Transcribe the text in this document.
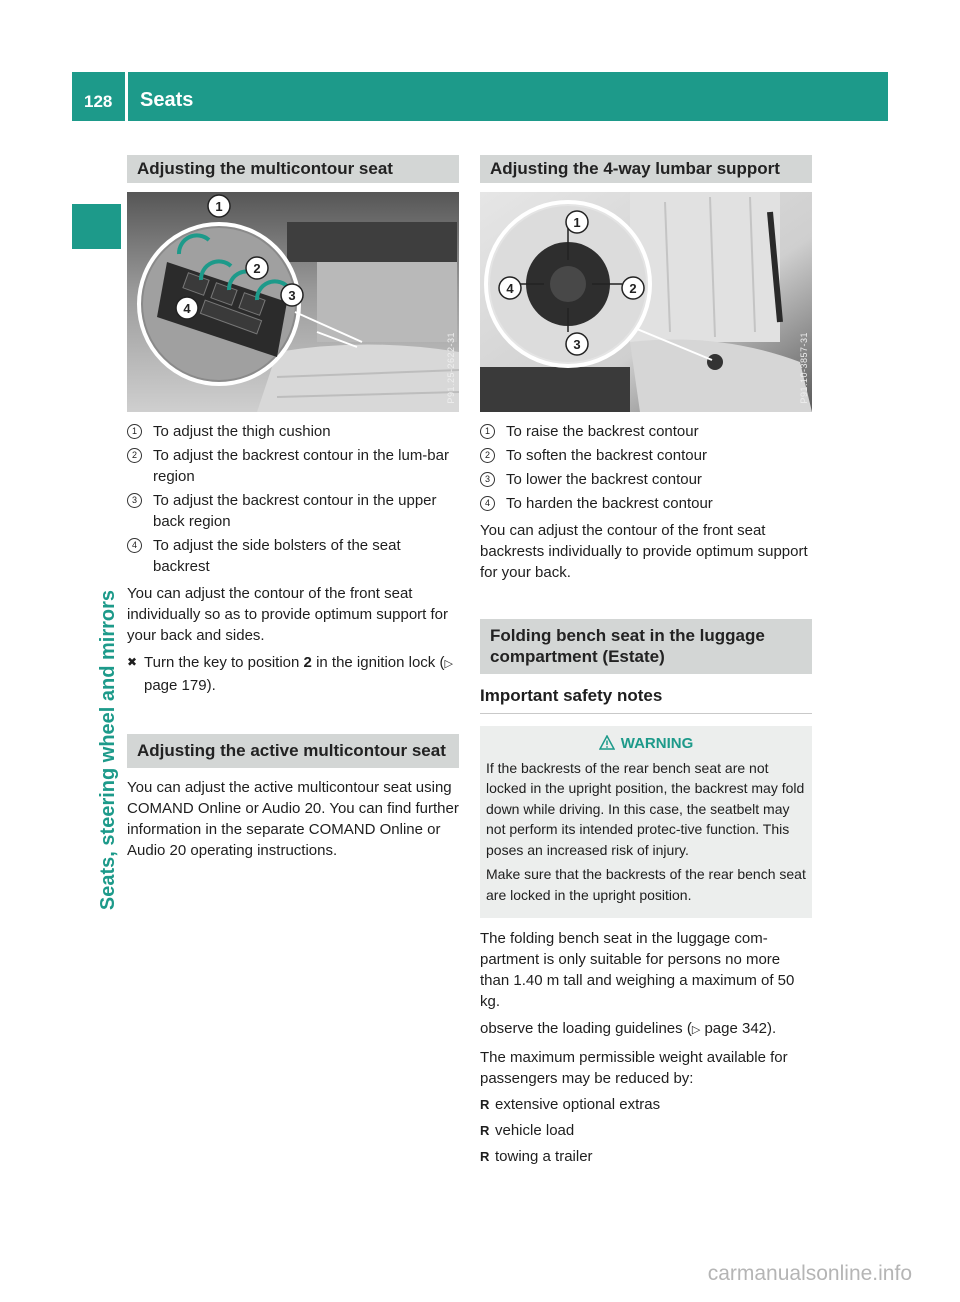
128 Seats
Seats, steering wheel and mirrors
Adjusting the multicontour seat
1
2
3
4
P91.25-2622-31
1	To adjust the thigh cushion
2	To adjust the backrest contour in the lum-bar region
3	To adjust the backrest contour in the upper back region
4	To adjust the side bolsters of the seat backrest

You can adjust the contour of the front seat individually so as to provide optimum support for your back and sides.

✖ Turn the key to position 2 in the ignition lock (▷ page 179).
Adjusting the active multicontour seat

You can adjust the active multicontour seat using COMAND Online or Audio 20. You can find further information in the separate COMAND Online or Audio 20 operating instructions.

Adjusting the 4-way lumbar support
1
2
3
4
P91.10-3857-31
1	To raise the backrest contour
2	To soften the backrest contour
3	To lower the backrest contour
4	To harden the backrest contour

You can adjust the contour of the front seat backrests individually to provide optimum support for your back.

Folding bench seat in the luggage compartment (Estate)
Important safety notes
WARNING

If the backrests of the rear bench seat are not locked in the upright position, the backrest may fold down while driving. In this case, the seatbelt may not perform its intended protec-tive function. This poses an increased risk of injury.

Make sure that the backrests of the rear bench seat are locked in the upright position.

The folding bench seat in the luggage com-partment is only suitable for persons no more than 1.40 m tall and weighing a maximum of 50 kg.

observe the loading guidelines (▷ page 342).

The maximum permissible weight available for passengers may be reduced by:

R extensive optional extras
R vehicle load
R towing a trailer
carmanualsonline.info
